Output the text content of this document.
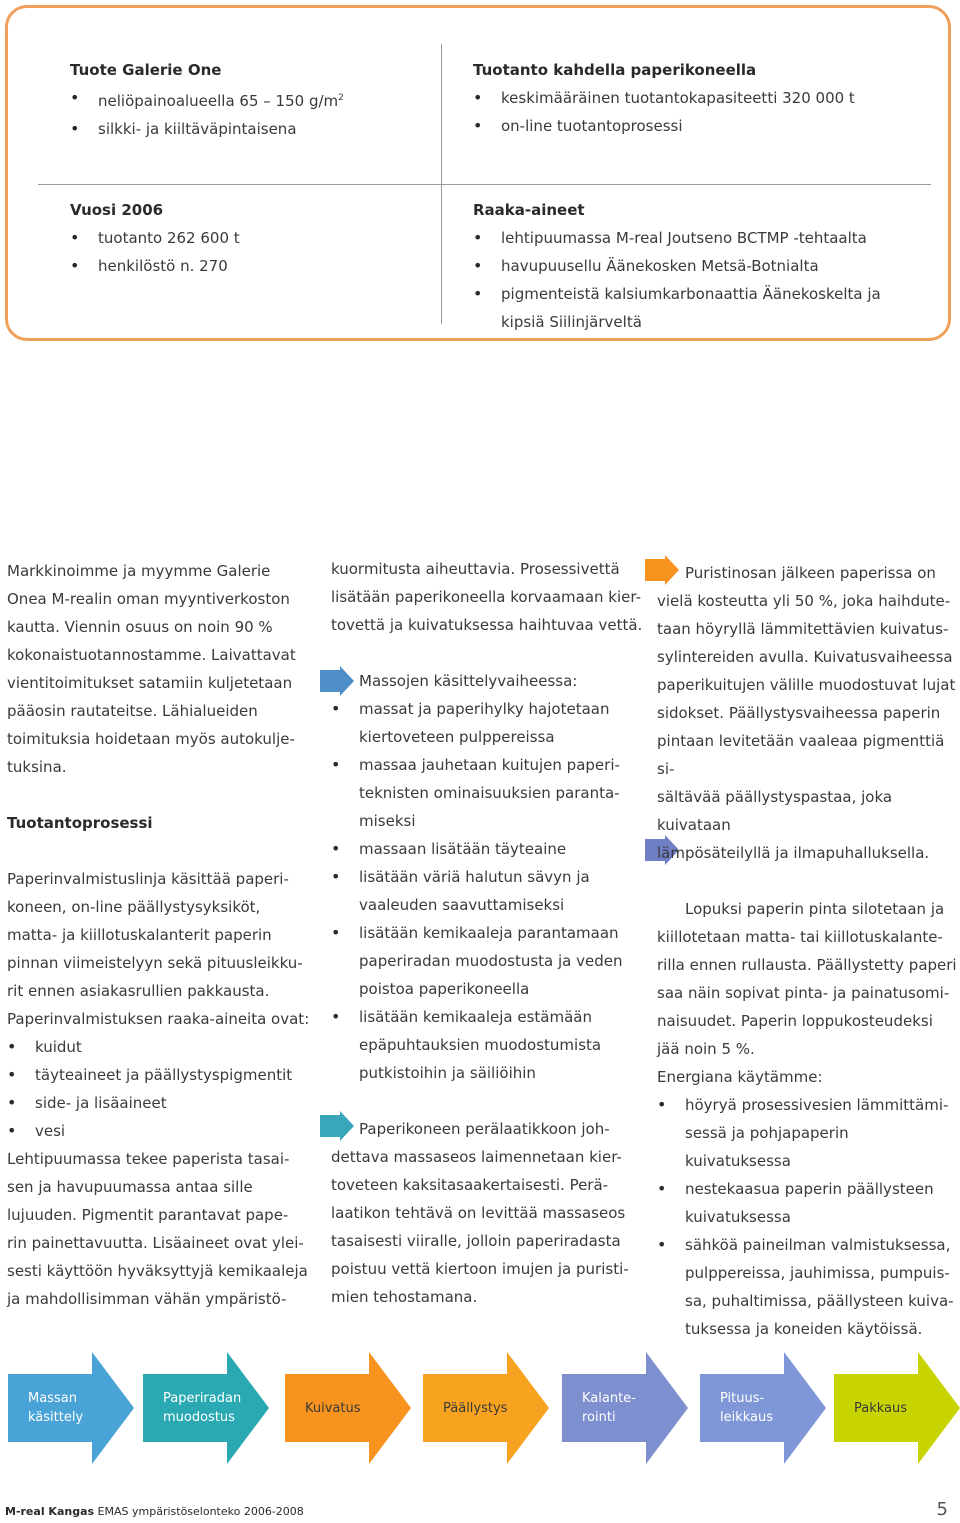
Tuote Galerie One
• neliöpainoalueella 65 – 150 $g/m^2$
• silkki- ja kiiltäväpintaisena
Tuotanto kahdella paperikoneella
• keskimääräinen tuotantokapasiteetti 320 000 t
• on-line tuotantoprosessi
Vuosi 2006
• tuotanto 262 600 t
• henkilöstö n. 270
Raaka-aineet
• lehtipuumassa M-real Joutseno BCTMP -tehtaalta
• havupuusellu Äänekosken Metsä-Botnialta
• pigmenteistä kalsiumkarbonaattia Äänekoskelta ja kipsiä Siilinjärveltä

Markkinoimme ja myymme Galerie

Onea M-realin oman myyntiverkoston

kautta. Viennin osuus on noin 90 %

kokonaistuotannostamme. Laivattavat

vientitoimitukset satamiin kuljetetaan

pääosin rautateitse. Lähialueiden

toimituksia hoidetaan myös autokulje-

tuksina.

Tuotantoprosessi

Paperinvalmistuslinja käsittää paperi-

koneen, on-line päällystysyksiköt,

matta- ja kiillotuskalanterit paperin

pinnan viimeistelyyn sekä pituusleikku-

rit ennen asiakasrullien pakkausta.

Paperinvalmistuksen raaka-aineita ovat:

• kuidut

• täyteaineet ja päällystyspigmentit

• side- ja lisäaineet

• vesi

Lehtipuumassa tekee paperista tasai-

sen ja havupuumassa antaa sille

lujuuden. Pigmentit parantavat pape-

rin painettavuutta. Lisäaineet ovat ylei-

sesti käyttöön hyväksyttyjä kemikaaleja

ja mahdollisimman vähän ympäristö-

kuormitusta aiheuttavia. Prosessivettä

lisätään paperikoneella korvaamaan kier-

tovettä ja kuivatuksessa haihtuvaa vettä.

Massojen käsittelyvaiheessa:

• massat ja paperihylky hajotetaan

kiertoveteen pulppereissa

• massaa jauhetaan kuitujen paperi-

teknisten ominaisuuksien paranta-

miseksi

• massaan lisätään täyteaine

• lisätään väriä halutun sävyn ja

vaaleuden saavuttamiseksi

• lisätään kemikaaleja parantamaan

paperiradan muodostusta ja veden

poistoa paperikoneella

• lisätään kemikaaleja estämään

epäpuhtauksien muodostumista

putkistoihin ja säiliöihin

Paperikoneen perälaatikkoon joh-

dettava massaseos laimennetaan kier-

toveteen kaksitasaakertaisesti. Perä-

laatikon tehtävä on levittää massaseos

tasaisesti viiralle, jolloin paperiradasta

poistuu vettä kiertoon imujen ja puristi-

mien tehostamana.

Puristinosan jälkeen paperissa on

vielä kosteutta yli 50 %, joka haihdute-

taan höyryllä lämmitettävien kuivatus-

sylintereiden avulla. Kuivatusvaiheessa

paperikuitujen välille muodostuvat lujat

sidokset. Päällystysvaiheessa paperin

pintaan levitetään vaaleaa pigmenttiä si-

sältävää päällystyspastaa, joka kuivataan

lämpösäteilyllä ja ilmapuhalluksella.

Lopuksi paperin pinta silotetaan ja

kiillotetaan matta- tai kiillotuskalante-

rilla ennen rullausta. Päällystetty paperi

saa näin sopivat pinta- ja painatusomi-

naisuudet. Paperin loppukosteudeksi

jää noin 5 %.

Energiana käytämme:

• höyryä prosessivesien lämmittämi-

sessä ja pohjapaperin kuivatuksessa

• nestekaasua paperin päällysteen

kuivatuksessa

• sähköä paineilman valmistuksessa,

pulppereissa, jauhimissa, pumpuis-

sa, puhaltimissa, päällysteen kuiva-

tuksessa ja koneiden käytöissä.

Massan
käsittely
Paperiradan
muodostus
Kuivatus	Päällystys
Kalante-
rointi
Pituus-
leikkaus
Pakkaus
M-real Kangas EMAS ympäristöselonteko 2006-2008	5
